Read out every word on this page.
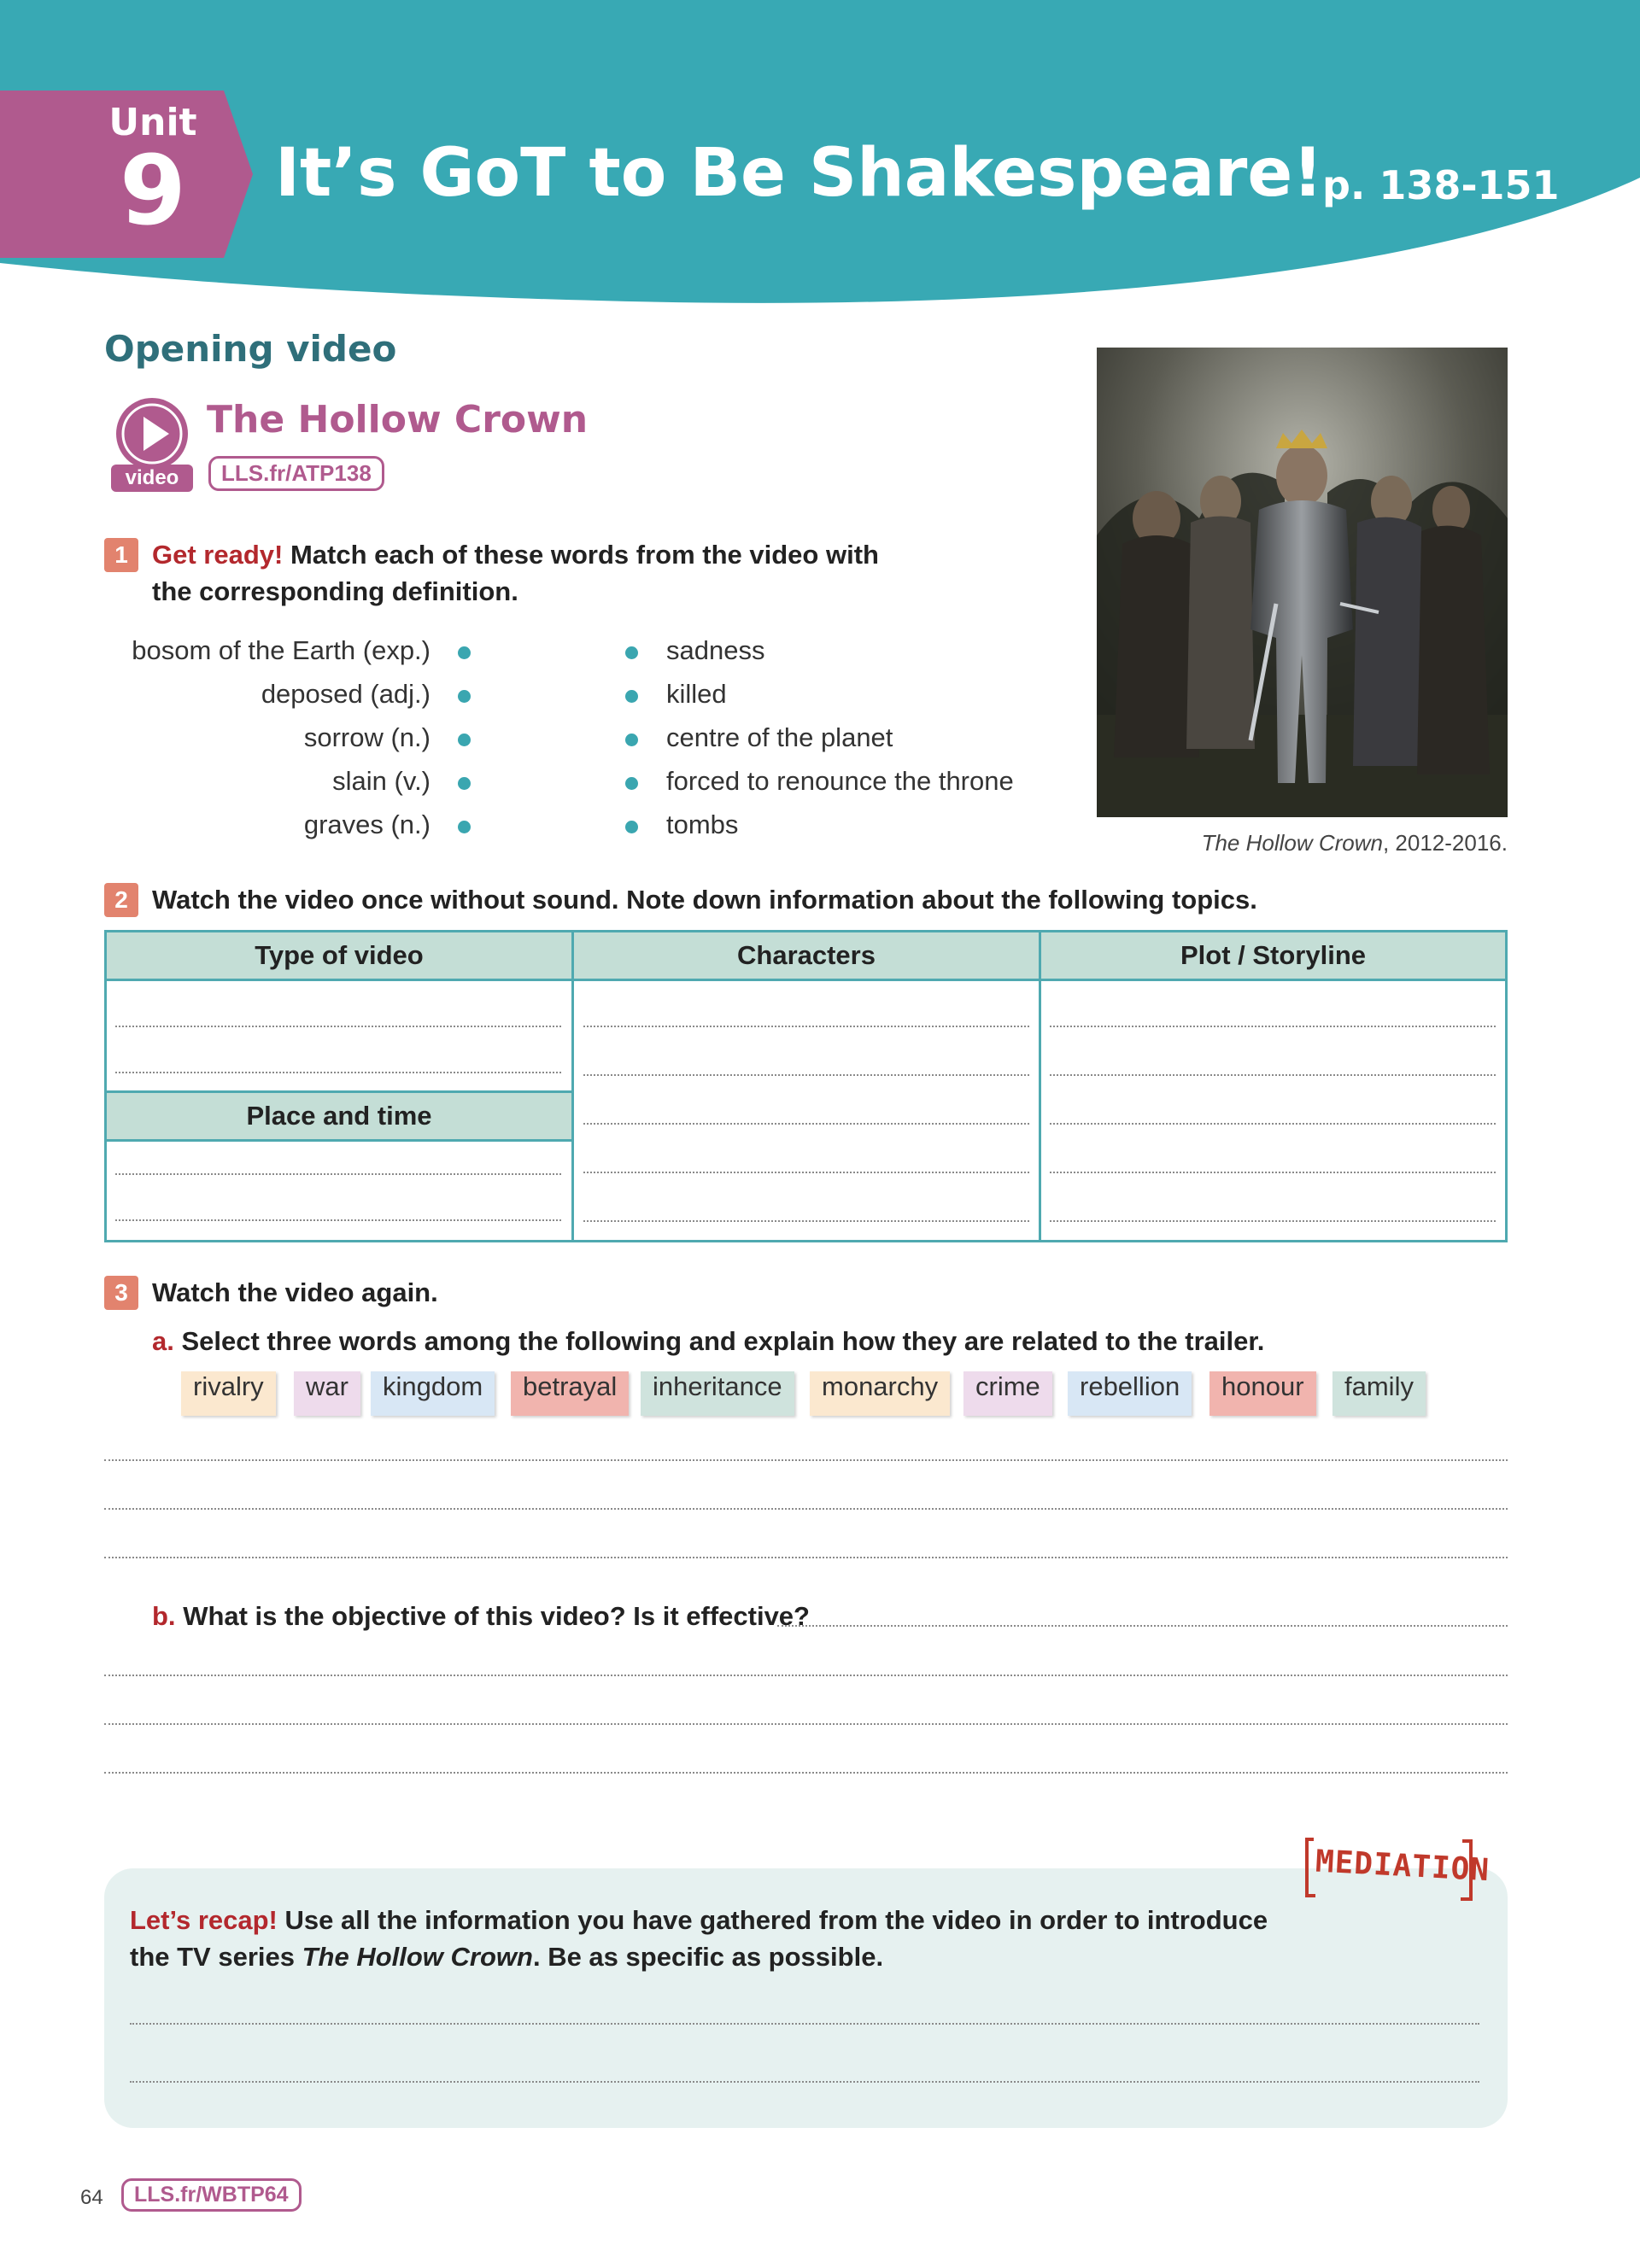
Unit
9 It’s GoT to Be Shakespeare! p. 138-151
Opening video
video
The Hollow Crown
LLS.fr/ATP138
The Hollow Crown, 2012-2016.
1 Get ready! Match each of these words from the video with
the corresponding definition.
bosom of the Earth (exp.)
deposed (adj.)
sorrow (n.)
slain (v.)
graves (n.)
sadness
killed
centre of the planet
forced to renounce the throne
tombs
2 Watch the video once without sound. Note down information about the following topics.
Type of video	Characters	Plot / Storyline
Place and time
3 Watch the video again.
a. Select three words among the following and explain how they are related to the trailer.
rivalry	war	kingdom	betrayal	inheritance	monarchy	crime	rebellion	honour	family
b. What is the objective of this video? Is it effective?
MEDIATION
Let’s recap! Use all the information you have gathered from the video in order to introduce
the TV series The Hollow Crown. Be as specific as possible.
64	LLS.fr/WBTP64
